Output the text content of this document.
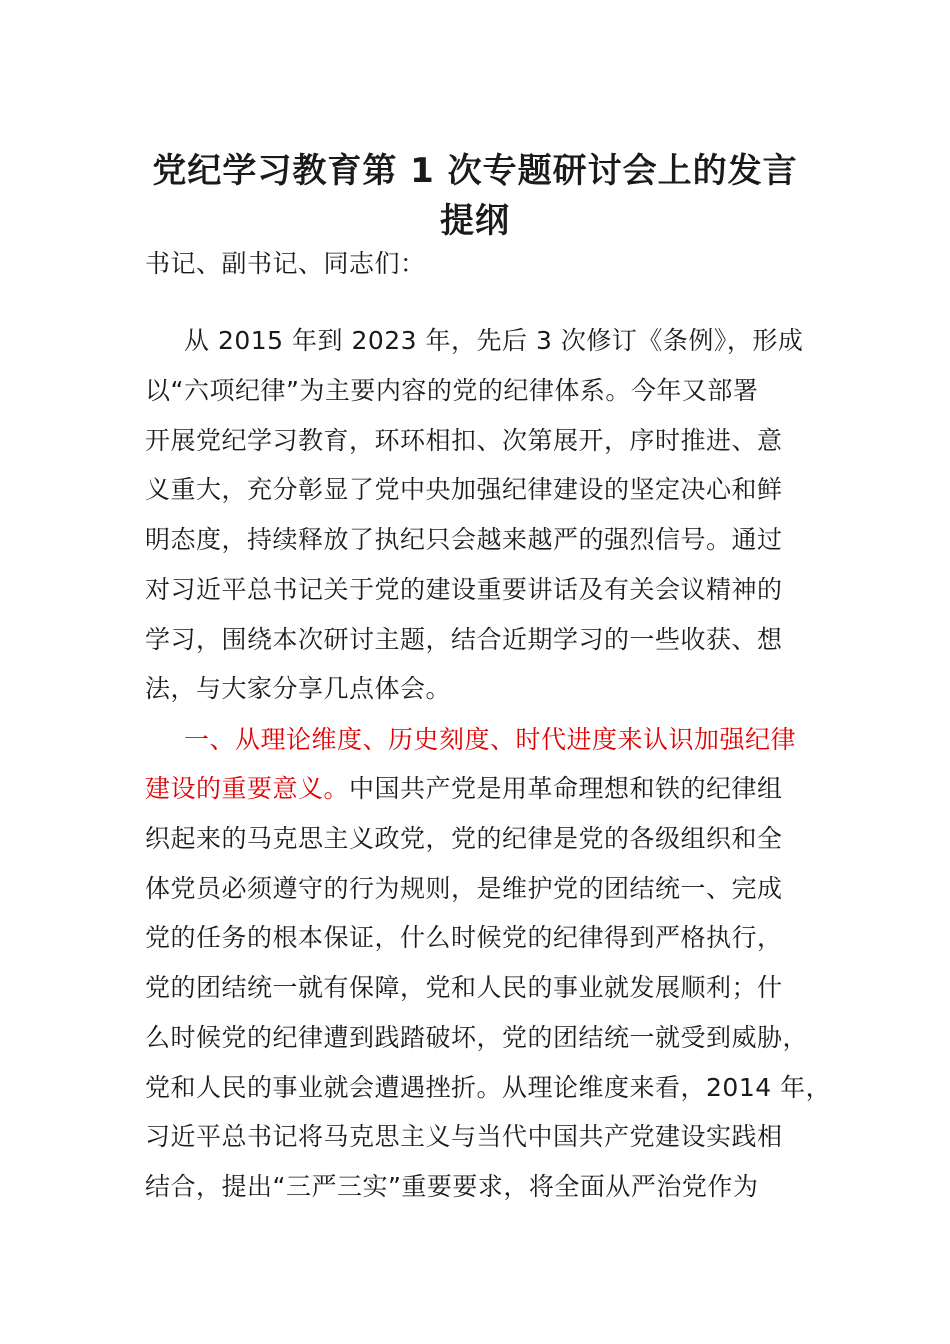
党纪学习教育第 1 次专题研讨会上的发言
提纲
书记、副书记、同志们：
从 2015 年到 2023 年，先后 3 次修订《条例》，形成
以“六项纪律”为主要内容的党的纪律体系。今年又部署
开展党纪学习教育，环环相扣、次第展开，序时推进、意
义重大，充分彰显了党中央加强纪律建设的坚定决心和鲜
明态度，持续释放了执纪只会越来越严的强烈信号。通过
对习近平总书记关于党的建设重要讲话及有关会议精神的
学习，围绕本次研讨主题，结合近期学习的一些收获、想
法，与大家分享几点体会。
一、从理论维度、历史刻度、时代进度来认识加强纪律
建设的重要意义。中国共产党是用革命理想和铁的纪律组
织起来的马克思主义政党，党的纪律是党的各级组织和全
体党员必须遵守的行为规则，是维护党的团结统一、完成
党的任务的根本保证，什么时候党的纪律得到严格执行，
党的团结统一就有保障，党和人民的事业就发展顺利；什
么时候党的纪律遭到践踏破坏，党的团结统一就受到威胁，
党和人民的事业就会遭遇挫折。从理论维度来看，2014 年，
习近平总书记将马克思主义与当代中国共产党建设实践相
结合，提出“三严三实”重要要求，将全面从严治党作为
